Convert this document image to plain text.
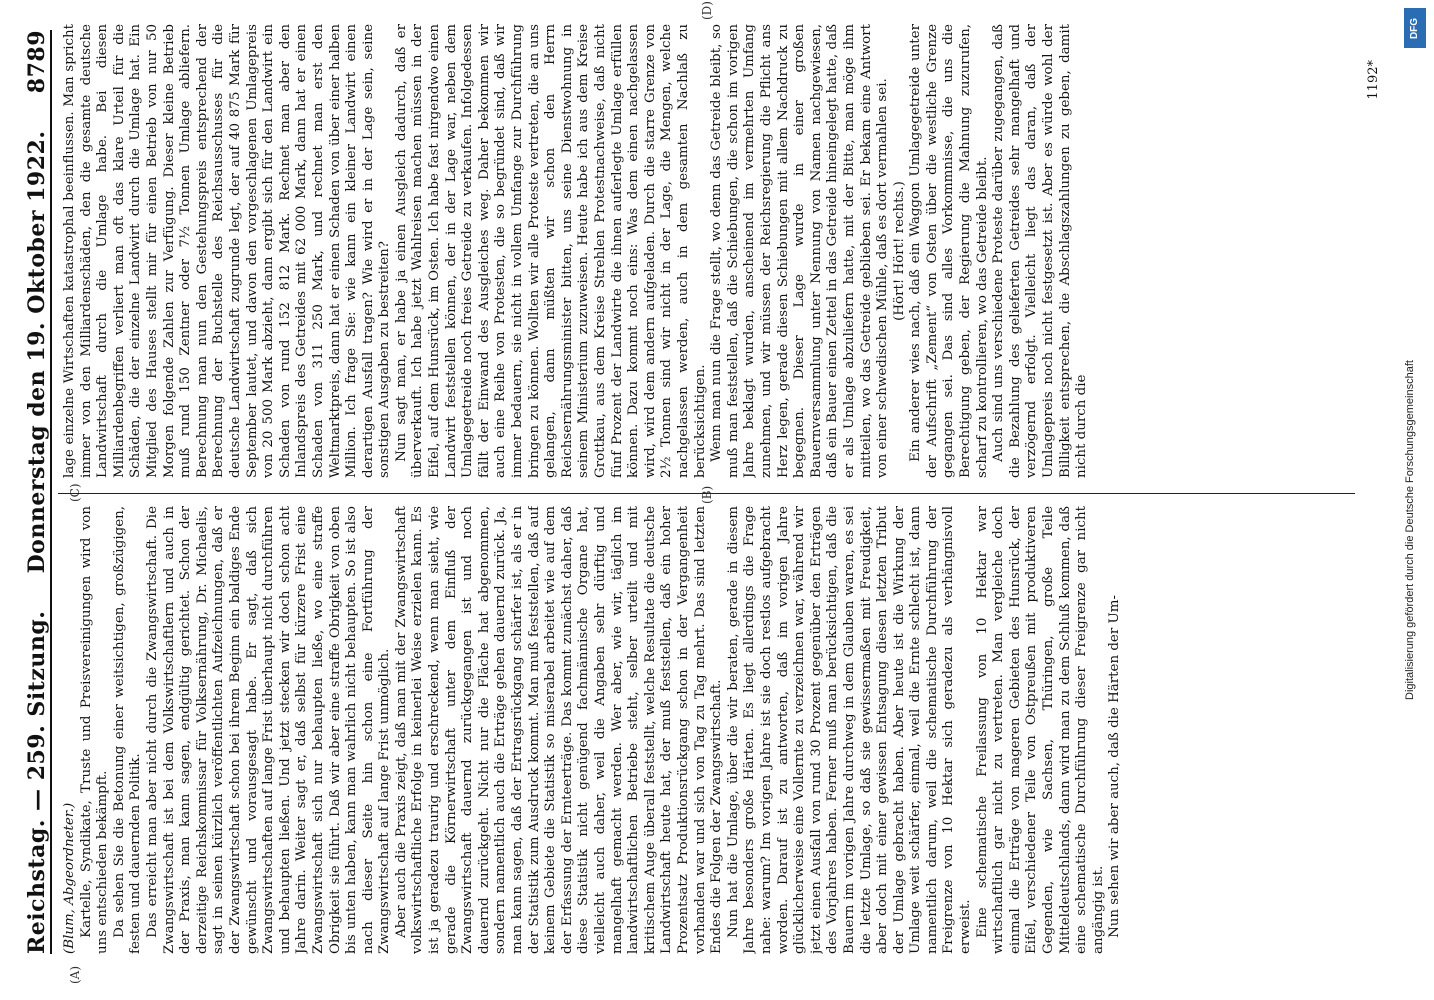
Reichstag. — 259. Sitzung.
Donnerstag den 19. Oktober 1922.
8789
(A)
(C)	(B)
(D)

(Blum, Abgeordneter.) Kartelle, Syndikate, Truste und Preisvereinigungen wird von uns entschieden bekämpft. Da sehen Sie die Betonung einer weitsichtigen, großzügigen, festen und dauernden Politik. Das erreicht man aber nicht durch die Zwangswirtschaft. Die Zwangswirtschaft ist bei dem Volkswirtschaftlern und auch in der Praxis, man kann sagen, endgültig gerichtet. Schon der derzeitige Reichskommissar für Volksernährung, Dr. Michaelis, sagt in seinen kürzlich veröffentlichten Aufzeichnungen, daß er der Zwangswirtschaft schon bei ihrem Beginn ein baldiges Ende gewünscht und vorausgesagt habe. Er sagt, daß sich Zwangswirtschaften auf lange Frist überhaupt nicht durchführen und behaupten ließen. Und jetzt stecken wir doch schon acht Jahre darin. Weiter sagt er, daß selbst für kürzere Frist eine Zwangswirtschaft sich nur behaupten ließe, wo eine straffe Obrigkeit sie führt. Daß wir aber eine straffe Obrigkeit von oben bis unten haben, kann man wahrlich nicht behaupten. So ist also nach dieser Seite hin schon eine Fortführung der Zwangswirtschaft auf lange Frist unmöglich. Aber auch die Praxis zeigt, daß man mit der Zwangswirtschaft volkswirtschaftliche Erfolge in keinerlei Weise erzielen kann. Es ist ja geradezu traurig und erschreckend, wenn man sieht, wie gerade die Körnerwirtschaft unter dem Einfluß der Zwangswirtschaft dauernd zurückgegangen ist und noch dauernd zurückgeht. Nicht nur die Fläche hat abgenommen, sondern namentlich auch die Erträge gehen dauernd zurück. Ja, man kann sagen, daß der Ertragsrückgang schärfer ist, als er in der Statistik zum Ausdruck kommt. Man muß feststellen, daß auf keinem Gebiete die Statistik so miserabel arbeitet wie auf dem der Erfassung der Ernteerträge. Das kommt zunächst daher, daß diese Statistik nicht genügend fachmännische Organe hat, vielleicht auch daher, weil die Angaben sehr dürftig und mangelhaft gemacht werden. Wer aber, wie wir, täglich im landwirtschaftlichen Betriebe steht, selber urteilt und mit kritischem Auge überall feststellt, welche Resultate die deutsche Landwirtschaft heute hat, der muß feststellen, daß ein hoher Prozentsatz Produktionsrückgang schon in der Vergangenheit vorhanden war und sich von Tag zu Tag mehrt. Das sind letzten Endes die Folgen der Zwangswirtschaft. Nun hat die Umlage, über die wir beraten, gerade in diesem Jahre besonders große Härten. Es liegt allerdings die Frage nahe: warum? Im vorigen Jahre ist sie doch restlos aufgebracht worden. Darauf ist zu antworten, daß im vorigen Jahre glücklicherweise eine Vollernte zu verzeichnen war, während wir jetzt einen Ausfall von rund 30 Prozent gegenüber den Erträgen des Vorjahres haben. Ferner muß man berücksichtigen, daß die Bauern im vorigen Jahre durchweg in dem Glauben waren, es sei die letzte Umlage, so daß sie gewissermaßen mit Freudigkeit, aber doch mit einer gewissen Entsagung diesen letzten Tribut der Umlage gebracht haben. Aber heute ist die Wirkung der Umlage weit schärfer, einmal, weil die Ernte schlecht ist, dann namentlich darum, weil die schematische Durchführung der Freigrenze von 10 Hektar sich geradezu als verhängnisvoll erweist. Eine schematische Freilassung von 10 Hektar war wirtschaftlich gar nicht zu vertreten. Man vergleiche doch einmal die Erträge von mageren Gebieten des Hunsrück, der Eifel, verschiedener Teile von Ostpreußen mit produktiveren Gegenden, wie Sachsen, Thüringen, große Teile Mitteldeutschlands, dann wird man zu dem Schluß kommen, daß eine schematische Durchführung dieser Freigrenze gar nicht angängig ist. Nun sehen wir aber auch, daß die Härten der Um-

lage einzelne Wirtschaften katastrophal beeinflussen. Man spricht immer von den Milliardenschäden, den die gesamte deutsche Landwirtschaft durch die Umlage habe. Bei diesen Milliardenbegriffen verliert man oft das klare Urteil für die Schäden, die der einzelne Landwirt durch die Umlage hat. Ein Mitglied des Hauses stellt mir für einen Betrieb von nur 50 Morgen folgende Zahlen zur Verfügung. Dieser kleine Betrieb muß rund 150 Zentner oder 7½ Tonnen Umlage abliefern. Berechnung man nun den Gestehungspreis entsprechend der Berechnung der Buchstelle des Reichsausschusses für die deutsche Landwirtschaft zugrunde legt, der auf 40 875 Mark für September lautet, und davon den vorgeschlagenen Umlagepreis von 20 500 Mark abzieht, dann ergibt sich für den Landwirt ein Schaden von rund 152 812 Mark. Rechnet man aber den Inlandspreis des Getreides mit 62 000 Mark, dann hat er einen Schaden von 311 250 Mark, und rechnet man erst den Weltmarktpreis, dann hat er einen Schaden von über einer halben Million. Ich frage Sie: wie kann ein kleiner Landwirt einen derartigen Ausfall tragen? Wie wird er in der Lage sein, seine sonstigen Ausgaben zu bestreiten? Nun sagt man, er habe ja einen Ausgleich dadurch, daß er überverkauft. Ich habe jetzt Wahlreisen machen müssen in der Eifel, auf dem Hunsrück, im Osten. Ich habe fast nirgendwo einen Landwirt feststellen können, der in der Lage war, neben dem Umlagegetreide noch freies Getreide zu verkaufen. Infolgedessen fällt der Einwand des Ausgleiches weg. Daher bekommen wir auch eine Reihe von Protesten, die so begründet sind, daß wir immer bedauern, sie nicht in vollem Umfange zur Durchführung bringen zu können. Wollten wir alle Proteste vertreten, die an uns gelangen, dann müßten wir schon den Herrn Reichsernährungsminister bitten, uns seine Dienstwohnung in seinem Ministerium zuzuweisen. Heute habe ich aus dem Kreise Grottkau, aus dem Kreise Strehlen Protestnachweise, daß nicht fünf Prozent der Landwirte die ihnen auferlegte Umlage erfüllen können. Dazu kommt noch eins: Was dem einen nachgelassen wird, wird dem andern aufgeladen. Durch die starre Grenze von 2½ Tonnen sind wir nicht in der Lage, die Mengen, welche nachgelassen werden, auch in dem gesamten Nachlaß zu berücksichtigen. Wenn man nun die Frage stellt, wo denn das Getreide bleibt, so muß man feststellen, daß die Schiebungen, die schon im vorigen Jahre beklagt wurden, anscheinend im vermehrten Umfang zunehmen, und wir müssen der Reichsregierung die Pflicht ans Herz legen, gerade diesen Schiebungen mit allem Nachdruck zu begegnen. Dieser Lage wurde in einer großen Bauernversammlung unter Nennung von Namen nachgewiesen, daß ein Bauer einen Zettel in das Getreide hineingelegt hatte, daß er als Umlage abzuliefern hatte, mit der Bitte, man möge ihm mitteilen, wo das Getreide geblieben sei. Er bekam eine Antwort von einer schwedischen Mühle, daß es dort vermahlen sei. (Hört! Hört! rechts.) Ein anderer wies nach, daß ein Waggon Umlagegetreide unter der Aufschrift „Zement“ von Osten über die westliche Grenze gegangen sei. Das sind alles Vorkommnisse, die uns die Berechtigung geben, der Regierung die Mahnung zuzurufen, scharf zu kontrollieren, wo das Getreide bleibt. Auch sind uns verschiedene Proteste darüber zugegangen, daß die Bezahlung des gelieferten Getreides sehr mangelhaft und verzögernd erfolgt. Vielleicht liegt das daran, daß der Umlagepreis noch nicht festgesetzt ist. Aber es würde wohl der Billigkeit entsprechen, die Abschlagszahlungen zu geben, damit nicht durch die

1192*
DFG
Digitalisierung gefördert durch die Deutsche Forschungsgemeinschaft
